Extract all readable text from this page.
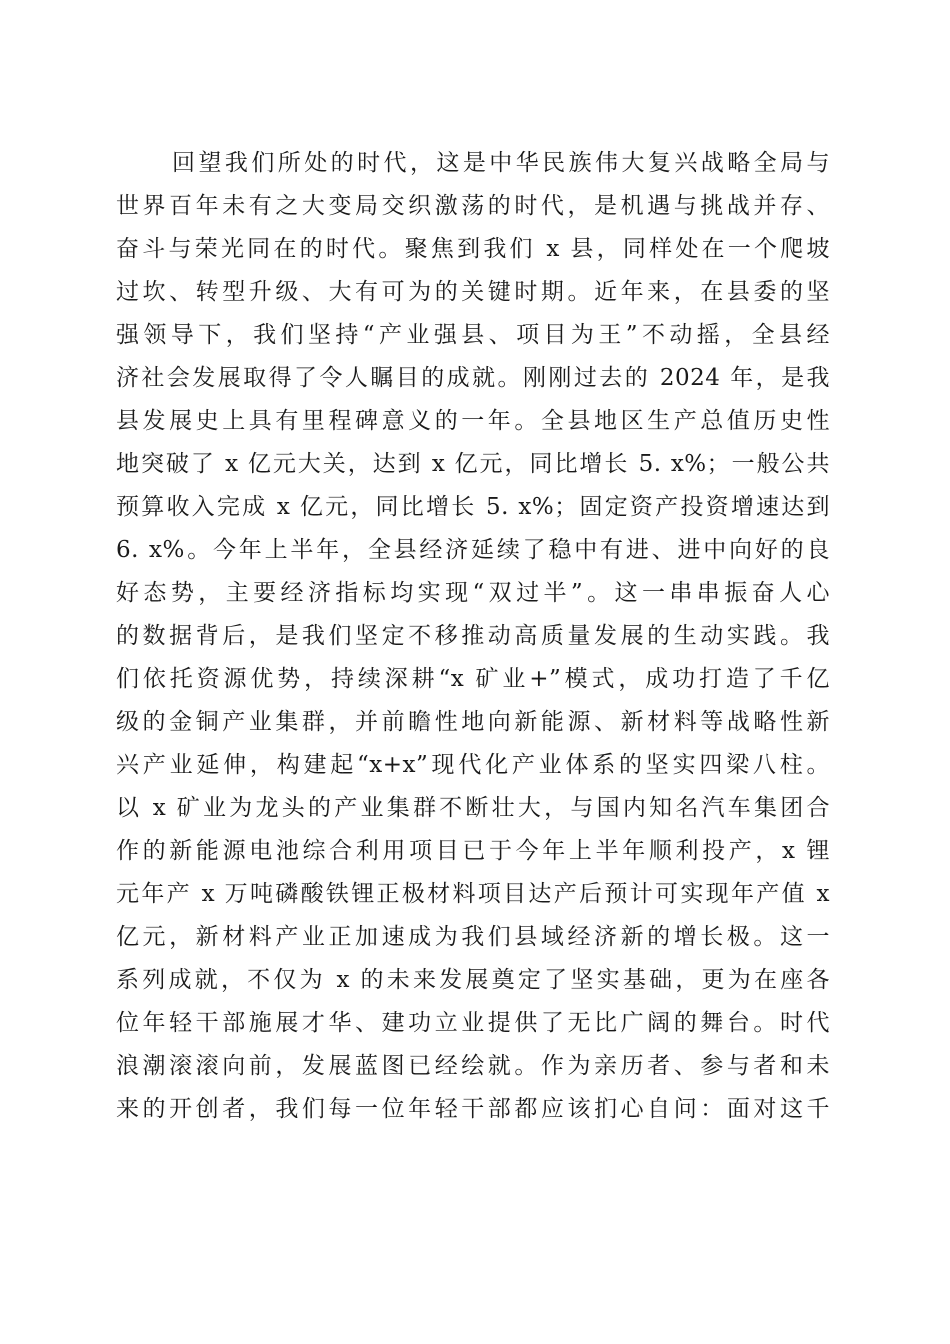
回望我们所处的时代，这是中华民族伟大复兴战略全局与
世界百年未有之大变局交织激荡的时代，是机遇与挑战并存、
奋斗与荣光同在的时代。聚焦到我们 x 县，同样处在一个爬坡
过坎、转型升级、大有可为的关键时期。近年来，在县委的坚
强领导下，我们坚持“产业强县、项目为王”不动摇，全县经
济社会发展取得了令人瞩目的成就。刚刚过去的 2024 年，是我
县发展史上具有里程碑意义的一年。全县地区生产总值历史性
地突破了 x 亿元大关，达到 x 亿元，同比增长 5. x%；一般公共
预算收入完成 x 亿元，同比增长 5. x%；固定资产投资增速达到
6. x%。今年上半年，全县经济延续了稳中有进、进中向好的良
好态势，主要经济指标均实现“双过半”。这一串串振奋人心
的数据背后，是我们坚定不移推动高质量发展的生动实践。我
们依托资源优势，持续深耕“x 矿业+”模式，成功打造了千亿
级的金铜产业集群，并前瞻性地向新能源、新材料等战略性新
兴产业延伸，构建起“x+x”现代化产业体系的坚实四梁八柱。
以 x 矿业为龙头的产业集群不断壮大，与国内知名汽车集团合
作的新能源电池综合利用项目已于今年上半年顺利投产，x 锂
元年产 x 万吨磷酸铁锂正极材料项目达产后预计可实现年产值 x
亿元，新材料产业正加速成为我们县域经济新的增长极。这一
系列成就，不仅为 x 的未来发展奠定了坚实基础，更为在座各
位年轻干部施展才华、建功立业提供了无比广阔的舞台。时代
浪潮滚滚向前，发展蓝图已经绘就。作为亲历者、参与者和未
来的开创者，我们每一位年轻干部都应该扪心自问：面对这千
